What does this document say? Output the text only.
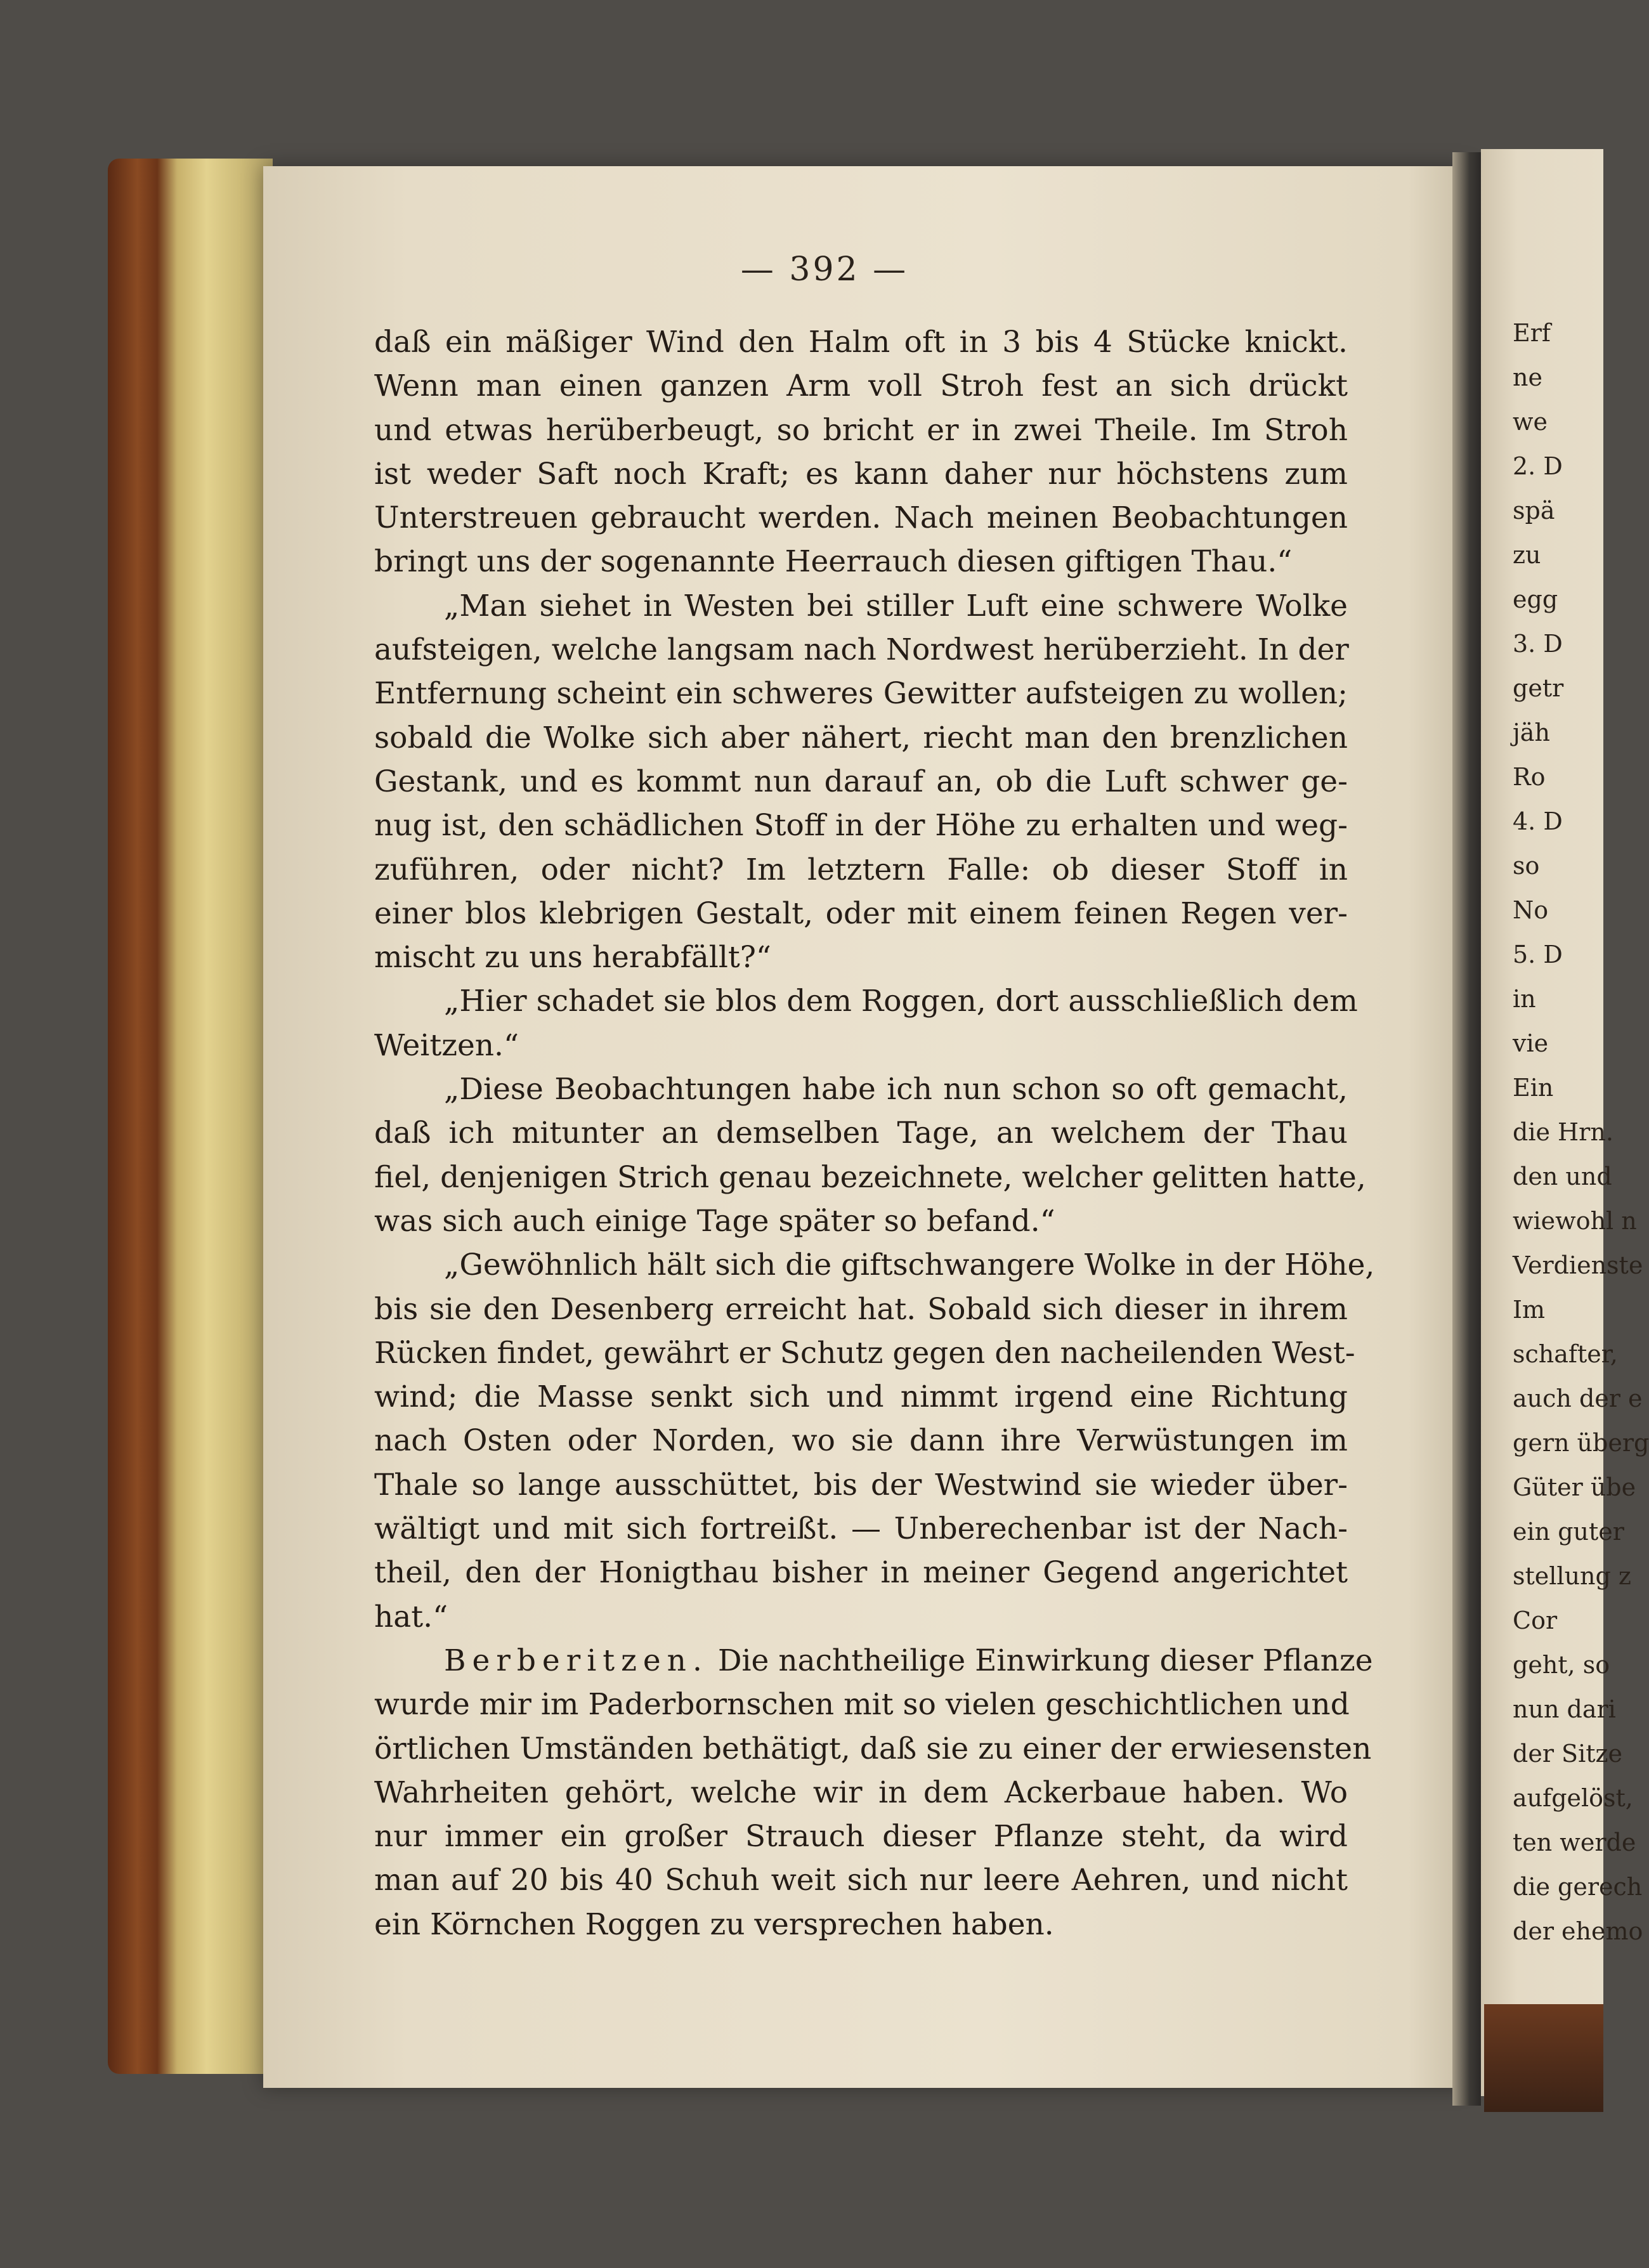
— 392 —
daß ein mäßiger Wind den Halm oft in 3 bis 4 Stücke knickt.
Wenn man einen ganzen Arm voll Stroh fest an sich drückt
und etwas herüberbeugt, so bricht er in zwei Theile. Im Stroh
ist weder Saft noch Kraft; es kann daher nur höchstens zum
Unterstreuen gebraucht werden. Nach meinen Beobachtungen
bringt uns der sogenannte Heerrauch diesen giftigen Thau.“
„Man siehet in Westen bei stiller Luft eine schwere Wolke
aufsteigen, welche langsam nach Nordwest herüberzieht. In der
Entfernung scheint ein schweres Gewitter aufsteigen zu wollen;
sobald die Wolke sich aber nähert, riecht man den brenzlichen
Gestank, und es kommt nun darauf an, ob die Luft schwer ge-
nug ist, den schädlichen Stoff in der Höhe zu erhalten und weg-
zuführen, oder nicht? Im letztern Falle: ob dieser Stoff in
einer blos klebrigen Gestalt, oder mit einem feinen Regen ver-
mischt zu uns herabfällt?“
„Hier schadet sie blos dem Roggen, dort ausschließlich dem
Weitzen.“
„Diese Beobachtungen habe ich nun schon so oft gemacht,
daß ich mitunter an demselben Tage, an welchem der Thau
fiel, denjenigen Strich genau bezeichnete, welcher gelitten hatte,
was sich auch einige Tage später so befand.“
„Gewöhnlich hält sich die giftschwangere Wolke in der Höhe,
bis sie den Desenberg erreicht hat. Sobald sich dieser in ihrem
Rücken findet, gewährt er Schutz gegen den nacheilenden West-
wind; die Masse senkt sich und nimmt irgend eine Richtung
nach Osten oder Norden, wo sie dann ihre Verwüstungen im
Thale so lange ausschüttet, bis der Westwind sie wieder über-
wältigt und mit sich fortreißt. — Unberechenbar ist der Nach-
theil, den der Honigthau bisher in meiner Gegend angerichtet
hat.“
Berberitzen. Die nachtheilige Einwirkung dieser Pflanze
wurde mir im Paderbornschen mit so vielen geschichtlichen und
örtlichen Umständen bethätigt, daß sie zu einer der erwiesensten
Wahrheiten gehört, welche wir in dem Ackerbaue haben. Wo
nur immer ein großer Strauch dieser Pflanze steht, da wird
man auf 20 bis 40 Schuh weit sich nur leere Aehren, und nicht
ein Körnchen Roggen zu versprechen haben.
Erf
ne
we
2. D
spä
zu
egg
3. D
getr
jäh
Ro
4. D
so
No
5. D
in
vie
Ein
die Hrn.
den und
wiewohl n
Verdienste
Im
schafter,
auch der e
gern überg
Güter übe
ein guter
stellung z
Cor
geht, so
nun dari
der Sitze
aufgelöst,
ten werde
die gerech
der ehemo
